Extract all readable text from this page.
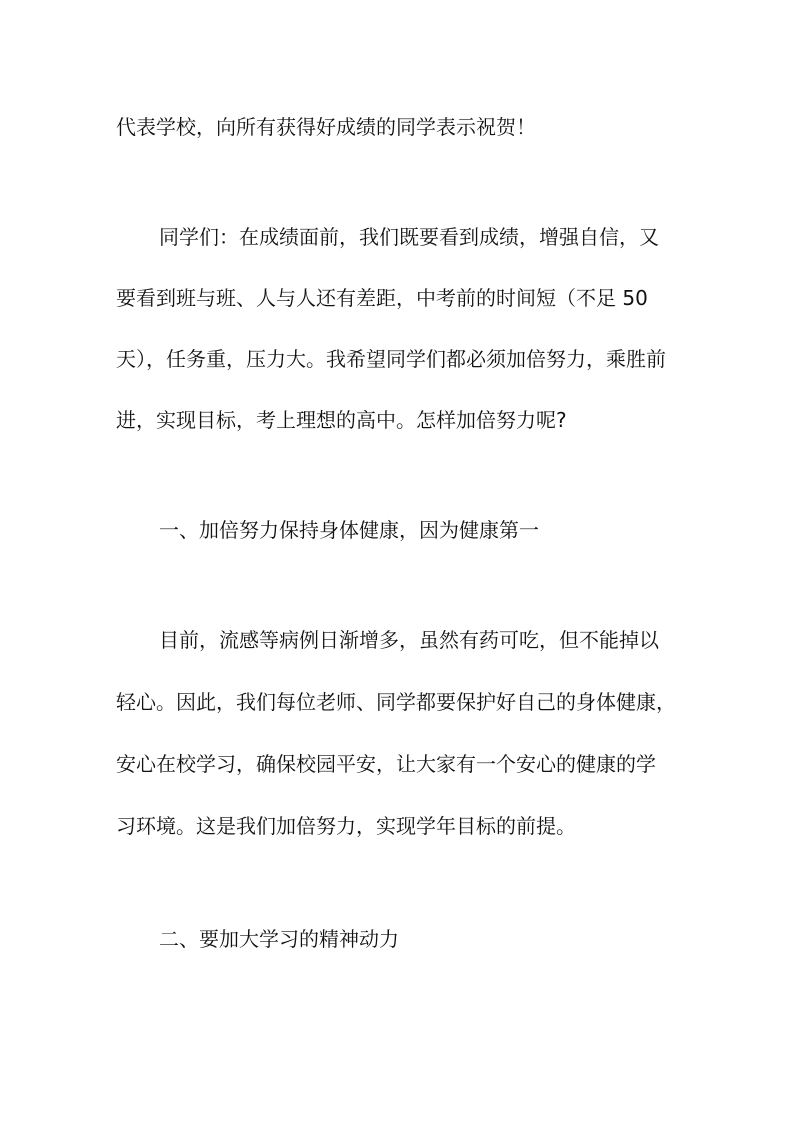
代表学校，向所有获得好成绩的同学表示祝贺！
同学们：在成绩面前，我们既要看到成绩，增强自信，又
要看到班与班、人与人还有差距，中考前的时间短（不足 50
天），任务重，压力大。我希望同学们都必须加倍努力，乘胜前
进，实现目标，考上理想的高中。怎样加倍努力呢?
一、加倍努力保持身体健康，因为健康第一
目前，流感等病例日渐增多，虽然有药可吃，但不能掉以
轻心。因此，我们每位老师、同学都要保护好自己的身体健康，
安心在校学习，确保校园平安，让大家有一个安心的健康的学
习环境。这是我们加倍努力，实现学年目标的前提。
二、要加大学习的精神动力
